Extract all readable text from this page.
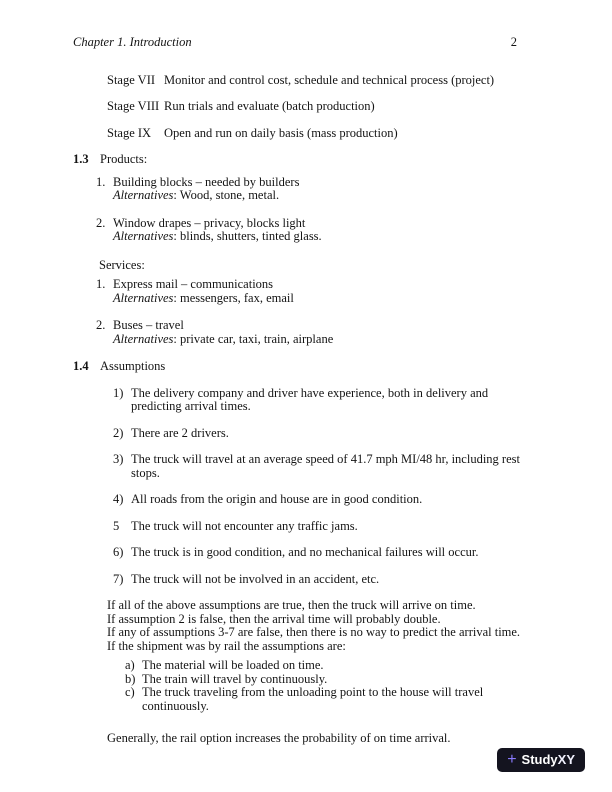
Chapter 1. Introduction	2
Stage VII Monitor and control cost, schedule and technical process (project)
Stage VIII Run trials and evaluate (batch production)
Stage IX	Open and run on daily basis (mass production)
1.3 Products:
1. Building blocks – needed by builders
Alternatives: Wood, stone, metal.
2. Window drapes – privacy, blocks light
Alternatives: blinds, shutters, tinted glass.
Services:
1. Express mail – communications
Alternatives: messengers, fax, email
2. Buses – travel
Alternatives: private car, taxi, train, airplane
1.4 Assumptions
1) The delivery company and driver have experience, both in delivery and predicting arrival times.
2) There are 2 drivers.
3) The truck will travel at an average speed of 41.7 mph MI/48 hr, including rest stops.
4) All roads from the origin and house are in good condition.
5 The truck will not encounter any traffic jams.
6) The truck is in good condition, and no mechanical failures will occur.
7) The truck will not be involved in an accident, etc.
If all of the above assumptions are true, then the truck will arrive on time.
If assumption 2 is false, then the arrival time will probably double.
If any of assumptions 3-7 are false, then there is no way to predict the arrival time.
If the shipment was by rail the assumptions are:
a) The material will be loaded on time.
b) The train will travel by continuously.
c) The truck traveling from the unloading point to the house will travel continuously.
Generally, the rail option increases the probability of on time arrival.
+ StudyXY
